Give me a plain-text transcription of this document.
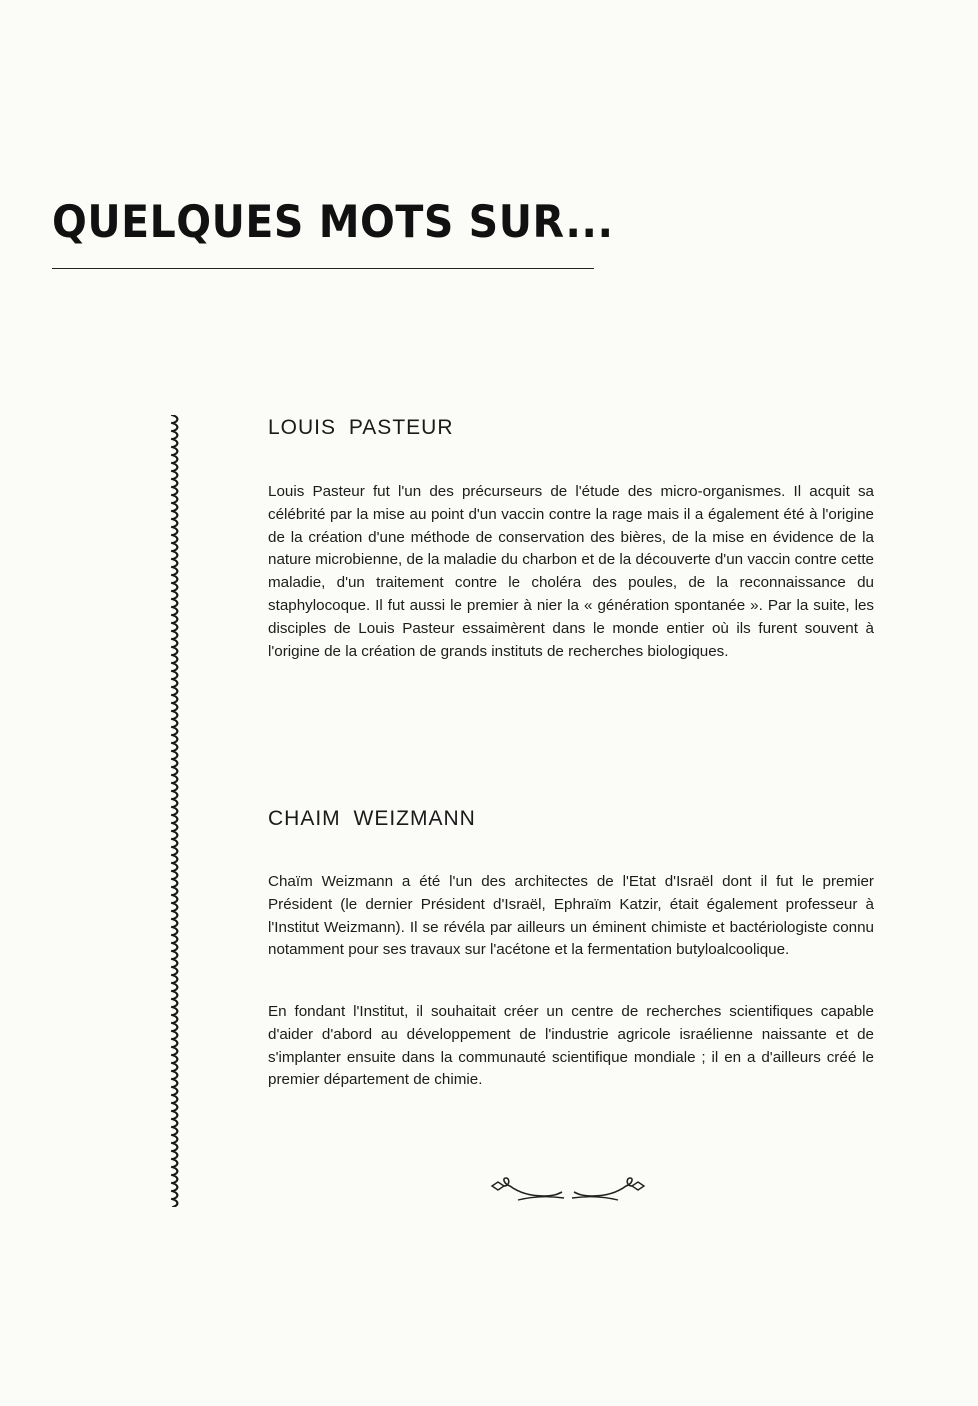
QUELQUES MOTS SUR...
LOUIS PASTEUR

Louis Pasteur fut l'un des précurseurs de l'étude des micro-organismes. Il acquit sa célébrité par la mise au point d'un vaccin contre la rage mais il a également été à l'origine de la création d'une méthode de conservation des bières, de la mise en évidence de la nature microbienne, de la maladie du charbon et de la découverte d'un vaccin contre cette maladie, d'un traitement contre le choléra des poules, de la reconnaissance du staphylocoque. Il fut aussi le premier à nier la « génération spontanée ». Par la suite, les disciples de Louis Pasteur essaimèrent dans le monde entier où ils furent souvent à l'origine de la création de grands instituts de recherches biologiques.

CHAIM WEIZMANN

Chaïm Weizmann a été l'un des architectes de l'Etat d'Israël dont il fut le premier Président (le dernier Président d'Israël, Ephraïm Katzir, était également professeur à l'Institut Weizmann). Il se révéla par ailleurs un éminent chimiste et bactériologiste connu notamment pour ses travaux sur l'acétone et la fermentation butyloalcoolique.

En fondant l'Institut, il souhaitait créer un centre de recherches scientifiques capable d'aider d'abord au développement de l'industrie agricole israélienne naissante et de s'implanter ensuite dans la communauté scientifique mondiale ; il en a d'ailleurs créé le premier département de chimie.
